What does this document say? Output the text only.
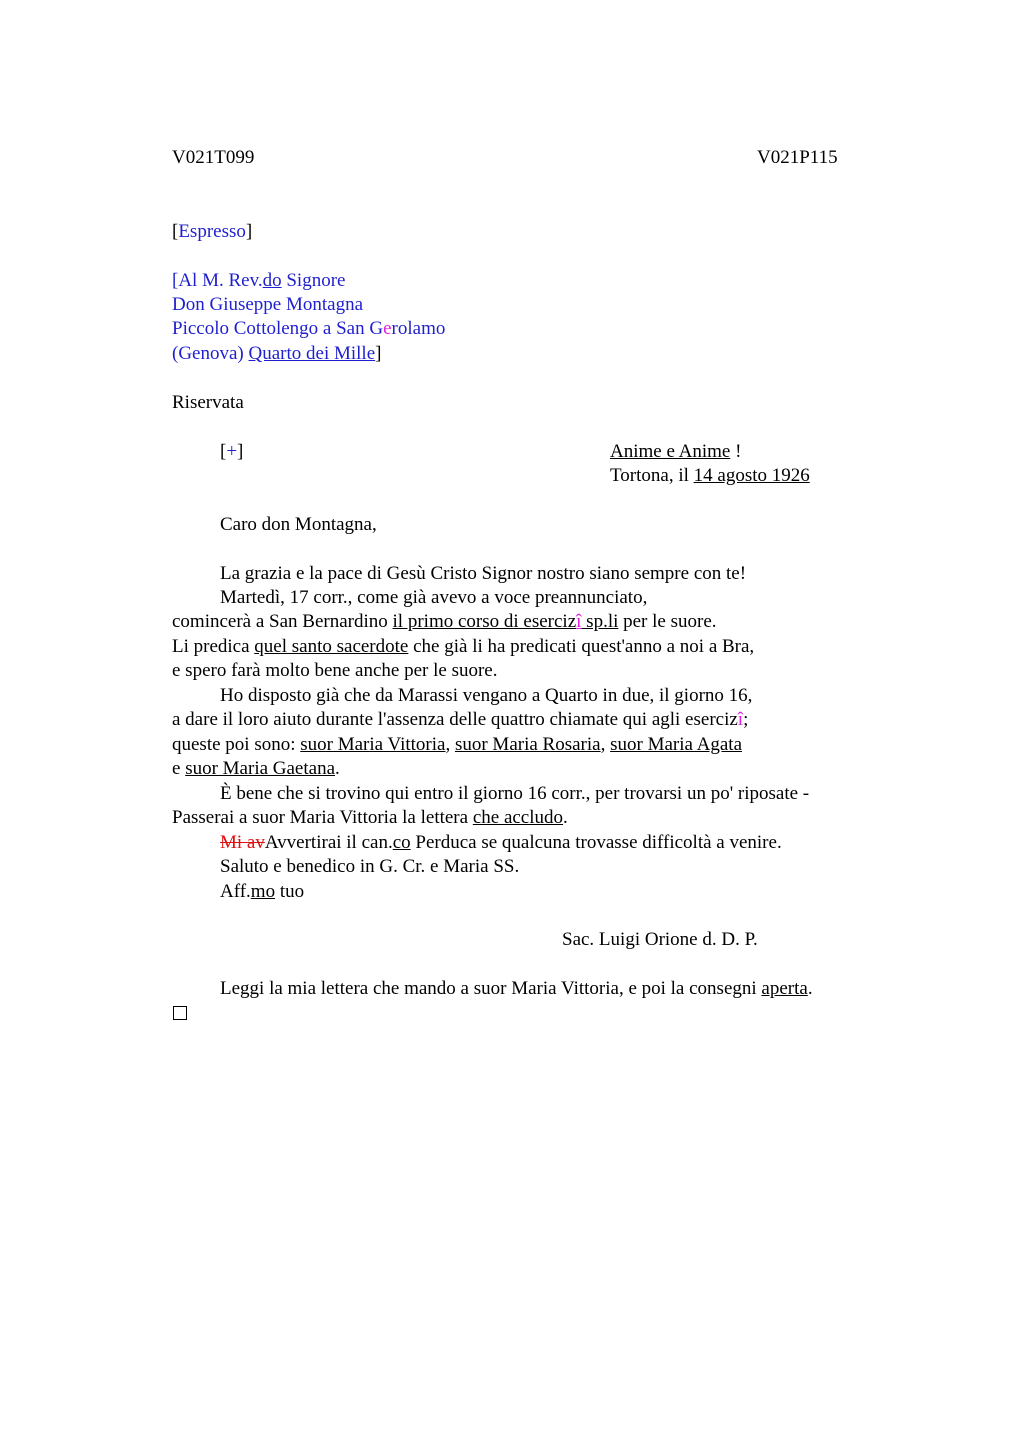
V021T099	V021P115
[Espresso]
[Al M. Rev.do Signore
Don Giuseppe Montagna
Piccolo Cottolengo a San Gerolamo
(Genova) Quarto dei Mille]
Riservata
[+]	Anime e Anime !
Tortona, il 14 agosto 1926
Caro don Montagna,
La grazia e la pace di Gesù Cristo Signor nostro siano sempre con te!
Martedì, 17 corr., come già avevo a voce preannunciato,
comincerà a San Bernardino il primo corso di esercizî sp.li per le suore.
Li predica quel santo sacerdote che già li ha predicati quest'anno a noi a Bra,
e spero farà molto bene anche per le suore.
Ho disposto già che da Marassi vengano a Quarto in due, il giorno 16,
a dare il loro aiuto durante l'assenza delle quattro chiamate qui agli esercizî;
queste poi sono: suor Maria Vittoria, suor Maria Rosaria, suor Maria Agata
e suor Maria Gaetana.
È bene che si trovino qui entro il giorno 16 corr., per trovarsi un po' riposate -
Passerai a suor Maria Vittoria la lettera che accludo.
Mi avAvvertirai il can.co Perduca se qualcuna trovasse difficoltà a venire.
Saluto e benedico in G. Cr. e Maria SS.
Aff.mo tuo
Sac. Luigi Orione d. D. P.
Leggi la mia lettera che mando a suor Maria Vittoria, e poi la consegni aperta.
